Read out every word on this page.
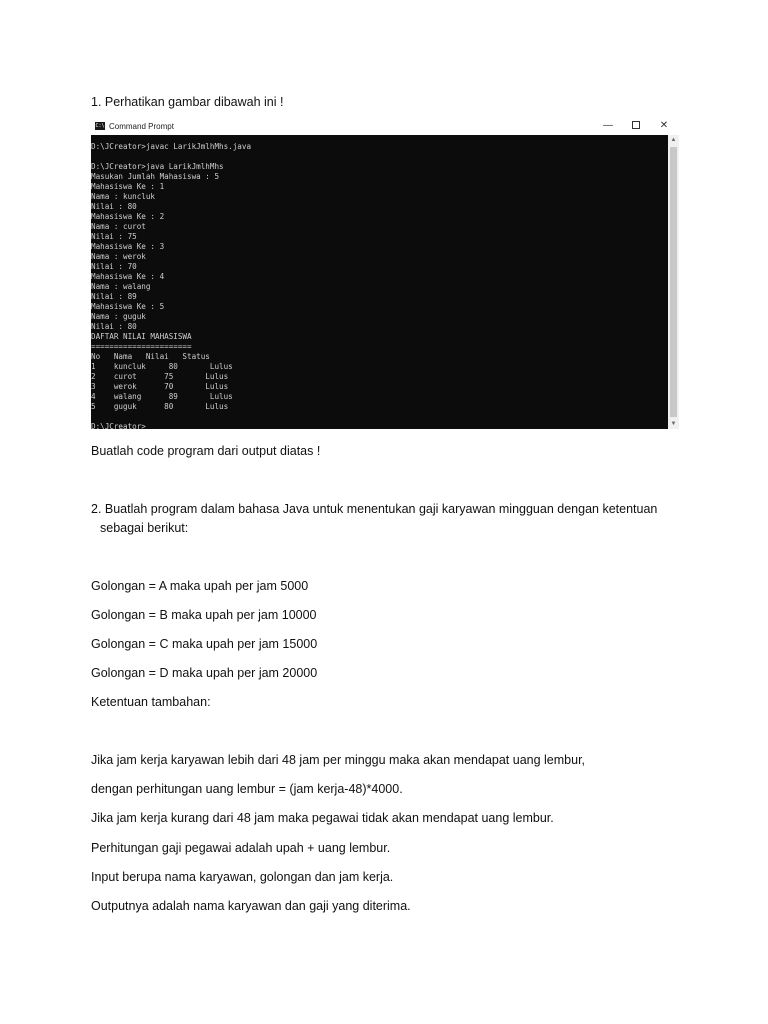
1. Perhatikan gambar dibawah ini !

C:\ Command Prompt	—	✕

D:\JCreator>javac LarikJmlhMhs.java

D:\JCreator>java LarikJmlhMhs

Masukan Jumlah Mahasiswa : 5

Mahasiswa Ke : 1

Nama : kuncluk

Nilai : 80

Mahasiswa Ke : 2

Nama : curot

Nilai : 75

Mahasiswa Ke : 3

Nama : werok

Nilai : 70

Mahasiswa Ke : 4

Nama : walang

Nilai : 89

Mahasiswa Ke : 5

Nama : guguk

Nilai : 80

DAFTAR NILAI MAHASISWA

======================

No   Nama   Nilai   Status

1    kuncluk     80       Lulus

2    curot      75       Lulus

3    werok      70       Lulus

4    walang      89       Lulus

5    guguk      80       Lulus

D:\JCreator>

▲
▼

Buatlah code program dari output diatas !

2. Buatlah program dalam bahasa Java untuk menentukan gaji karyawan mingguan dengan ketentuan

sebagai berikut:

Golongan = A maka upah per jam 5000

Golongan = B maka upah per jam 10000

Golongan = C maka upah per jam 15000

Golongan = D maka upah per jam 20000

Ketentuan tambahan:

Jika jam kerja karyawan lebih dari 48 jam per minggu maka akan mendapat uang lembur,

dengan perhitungan uang lembur = (jam kerja-48)*4000.

Jika jam kerja kurang dari 48 jam maka pegawai tidak akan mendapat uang lembur.

Perhitungan gaji pegawai adalah upah + uang lembur.

Input berupa nama karyawan, golongan dan jam kerja.

Outputnya adalah nama karyawan dan gaji yang diterima.
